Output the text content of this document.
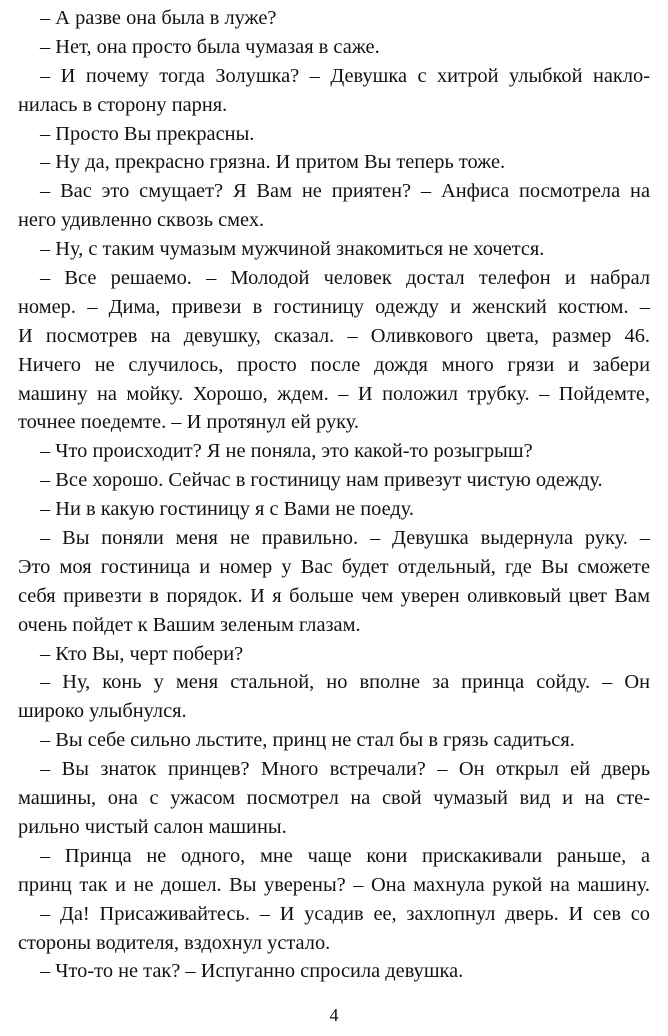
– А разве она была в луже?
– Нет, она просто была чумазая в саже.
– И почему тогда Золушка? – Девушка с хитрой улыбкой накло-
нилась в сторону парня.
– Просто Вы прекрасны.
– Ну да, прекрасно грязна. И притом Вы теперь тоже.
– Вас это смущает? Я Вам не приятен? – Анфиса посмотрела на
него удивленно сквозь смех.
– Ну, с таким чумазым мужчиной знакомиться не хочется.
– Все решаемо. – Молодой человек достал телефон и набрал
номер. – Дима, привези в гостиницу одежду и женский костюм. –
И посмотрев на девушку, сказал. – Оливкового цвета, размер 46.
Ничего не случилось, просто после дождя много грязи и забери
машину на мойку. Хорошо, ждем. – И положил трубку. – Пойдемте,
точнее поедемте. – И протянул ей руку.
– Что происходит? Я не поняла, это какой-то розыгрыш?
– Все хорошо. Сейчас в гостиницу нам привезут чистую одежду.
– Ни в какую гостиницу я с Вами не поеду.
– Вы поняли меня не правильно. – Девушка выдернула руку. –
Это моя гостиница и номер у Вас будет отдельный, где Вы сможете
себя привезти в порядок. И я больше чем уверен оливковый цвет Вам
очень пойдет к Вашим зеленым глазам.
– Кто Вы, черт побери?
– Ну, конь у меня стальной, но вполне за принца сойду. – Он
широко улыбнулся.
– Вы себе сильно льстите, принц не стал бы в грязь садиться.
– Вы знаток принцев? Много встречали? – Он открыл ей дверь
машины, она с ужасом посмотрел на свой чумазый вид и на сте-
рильно чистый салон машины.
– Принца не одного, мне чаще кони прискакивали раньше, а
принц так и не дошел. Вы уверены? – Она махнула рукой на машину.
– Да! Присаживайтесь. – И усадив ее, захлопнул дверь. И сев со
стороны водителя, вздохнул устало.
– Что-то не так? – Испуганно спросила девушка.
4
